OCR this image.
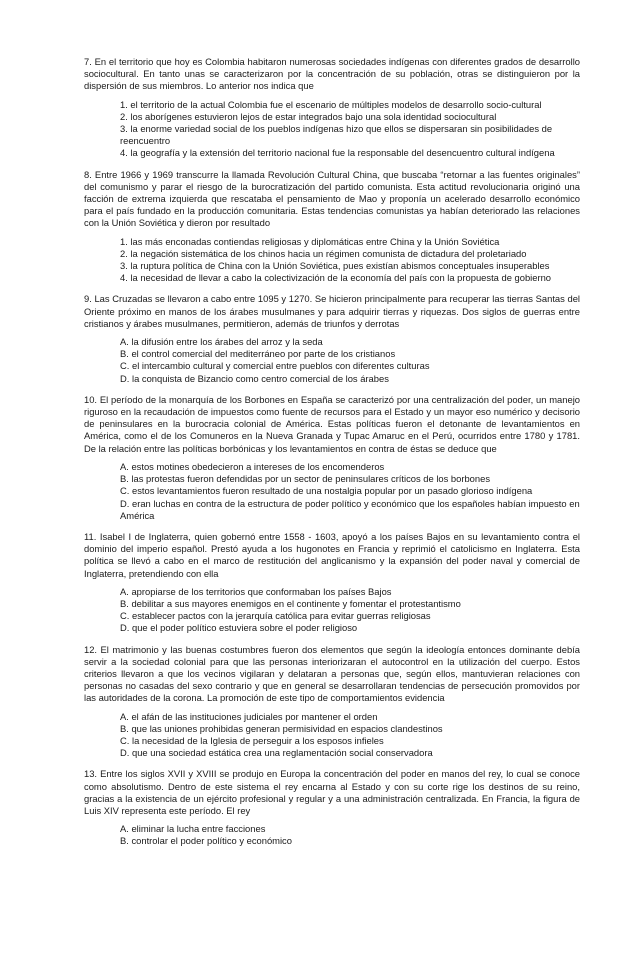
7. En el territorio que hoy es Colombia habitaron numerosas sociedades indígenas con diferentes grados de desarrollo sociocultural. En tanto unas se caracterizaron por la concentración de su población, otras se distinguieron por la dispersión de sus miembros. Lo anterior nos indica que

1. el territorio de la actual Colombia fue el escenario de múltiples modelos de desarrollo socio-cultural
2. los aborígenes estuvieron lejos de estar integrados bajo una sola identidad sociocultural
3. la enorme variedad social de los pueblos indígenas hizo que ellos se dispersaran sin posibilidades de reencuentro
4. la geografía y la extensión del territorio nacional fue la responsable del desencuentro cultural indígena

8. Entre 1966 y 1969 transcurre la llamada Revolución Cultural China, que buscaba “retornar a las fuentes originales” del comunismo y parar el riesgo de la burocratización del partido comunista. Esta actitud revolucionaria originó una facción de extrema izquierda que rescataba el pensamiento de Mao y proponía un acelerado desarrollo económico para el país fundado en la producción comunitaria. Estas tendencias comunistas ya habían deteriorado las relaciones con la Unión Soviética y dieron por resultado

1. las más enconadas contiendas religiosas y diplomáticas entre China y la Unión Soviética
2. la negación sistemática de los chinos hacia un régimen comunista de dictadura del proletariado
3. la ruptura política de China con la Unión Soviética, pues existían abismos conceptuales insuperables
4. la necesidad de llevar a cabo la colectivización de la economía del país con la propuesta de gobierno

9. Las Cruzadas se llevaron a cabo entre 1095 y 1270. Se hicieron principalmente para recuperar las tierras Santas del Oriente próximo en manos de los árabes musulmanes y para adquirir tierras y riquezas. Dos siglos de guerras entre cristianos y árabes musulmanes, permitieron, además de triunfos y derrotas

A. la difusión entre los árabes del arroz y la seda
B. el control comercial del mediterráneo por parte de los cristianos
C. el intercambio cultural y comercial entre pueblos con diferentes culturas
D. la conquista de Bizancio como centro comercial de los árabes

10. El período de la monarquía de los Borbones en España se caracterizó por una centralización del poder, un manejo riguroso en la recaudación de impuestos como fuente de recursos para el Estado y un mayor eso numérico y decisorio de peninsulares en la burocracia colonial de América. Estas políticas fueron el detonante de levantamientos en América, como el de los Comuneros en la Nueva Granada y Tupac Amaruc en el Perú, ocurridos entre 1780 y 1781. De la relación entre las políticas borbónicas y los levantamientos en contra de éstas se deduce que

A. estos motines obedecieron a intereses de los encomenderos
B. las protestas fueron defendidas por un sector de peninsulares críticos de los borbones
C. estos levantamientos fueron resultado de una nostalgia popular por un pasado glorioso indígena
D. eran luchas en contra de la estructura de poder político y económico que los españoles habían impuesto en América

11. Isabel I de Inglaterra, quien gobernó entre 1558 - 1603, apoyó a los países Bajos en su levantamiento contra el dominio del imperio español. Prestó ayuda a los hugonotes en Francia y reprimió el catolicismo en Inglaterra. Esta política se llevó a cabo en el marco de restitución del anglicanismo y la expansión del poder naval y comercial de Inglaterra, pretendiendo con ella

A. apropiarse de los territorios que conformaban los países Bajos
B. debilitar a sus mayores enemigos en el continente y fomentar el protestantismo
C. establecer pactos con la jerarquía católica para evitar guerras religiosas
D. que el poder político estuviera sobre el poder religioso

12. El matrimonio y las buenas costumbres fueron dos elementos que según la ideología entonces dominante debía servir a la sociedad colonial para que las personas interiorizaran el autocontrol en la utilización del cuerpo. Estos criterios llevaron a que los vecinos vigilaran y delataran a personas que, según ellos, mantuvieran relaciones con personas no casadas del sexo contrario y que en general se desarrollaran tendencias de persecución promovidos por las autoridades de la corona. La promoción de este tipo de comportamientos evidencia

A. el afán de las instituciones judiciales por mantener el orden
B. que las uniones prohibidas generan permisividad en espacios clandestinos
C. la necesidad de la Iglesia de perseguir a los esposos infieles
D. que una sociedad estática crea una reglamentación social conservadora

13. Entre los siglos XVII y XVIII se produjo en Europa la concentración del poder en manos del rey, lo cual se conoce como absolutismo. Dentro de este sistema el rey encarna al Estado y con su corte rige los destinos de su reino, gracias a la existencia de un ejército profesional y regular y a una administración centralizada. En Francia, la figura de Luis XIV representa este período. El rey

A. eliminar la lucha entre facciones
B. controlar el poder político y económico
